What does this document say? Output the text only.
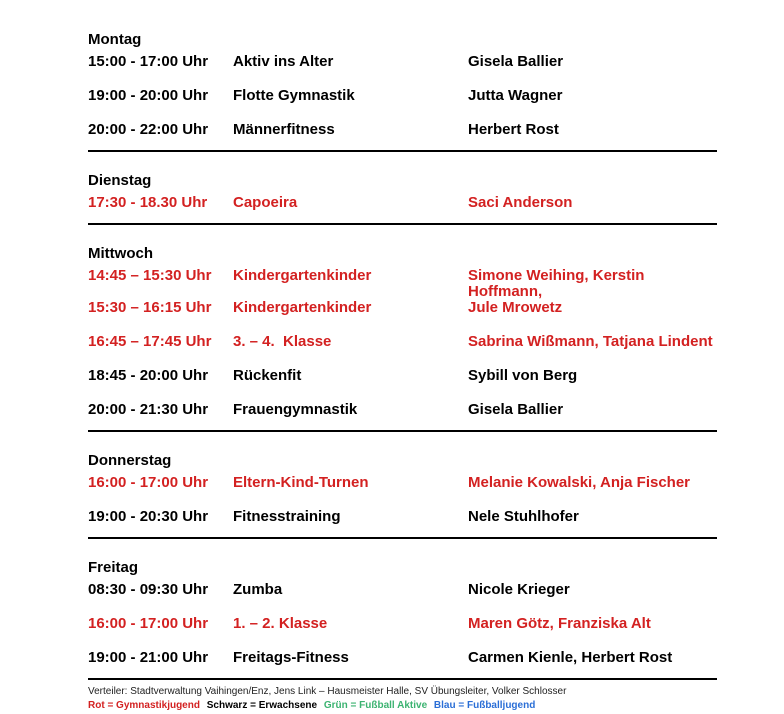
Montag
15:00 - 17:00 Uhr	Aktiv ins Alter	Gisela Ballier
19:00 - 20:00 Uhr	Flotte Gymnastik	Jutta Wagner
20:00 - 22:00 Uhr	Männerfitness	Herbert Rost
Dienstag
17:30 - 18.30 Uhr	Capoeira	Saci Anderson
Mittwoch
14:45 – 15:30 Uhr	Kindergartenkinder	Simone Weihing, Kerstin Hoffmann,
15:30 – 16:15 Uhr	Kindergartenkinder	Jule Mrowetz
16:45 – 17:45 Uhr	3. – 4.  Klasse	Sabrina Wißmann, Tatjana Lindent
18:45 - 20:00 Uhr	Rückenfit	Sybill von Berg
20:00 - 21:30 Uhr	Frauengymnastik	Gisela Ballier
Donnerstag
16:00 - 17:00 Uhr	Eltern-Kind-Turnen	Melanie Kowalski, Anja Fischer
19:00 - 20:30 Uhr	Fitnesstraining	Nele Stuhlhofer
Freitag
08:30 - 09:30 Uhr	Zumba	Nicole Krieger
16:00 - 17:00 Uhr	1. – 2. Klasse	Maren Götz, Franziska Alt
19:00 - 21:00 Uhr	Freitags-Fitness	Carmen Kienle, Herbert Rost
Verteiler: Stadtverwaltung Vaihingen/Enz, Jens Link – Hausmeister Halle, SV Übungsleiter, Volker Schlosser
Rot = Gymnastikjugend Schwarz = Erwachsene Grün = Fußball Aktive Blau = Fußballjugend
